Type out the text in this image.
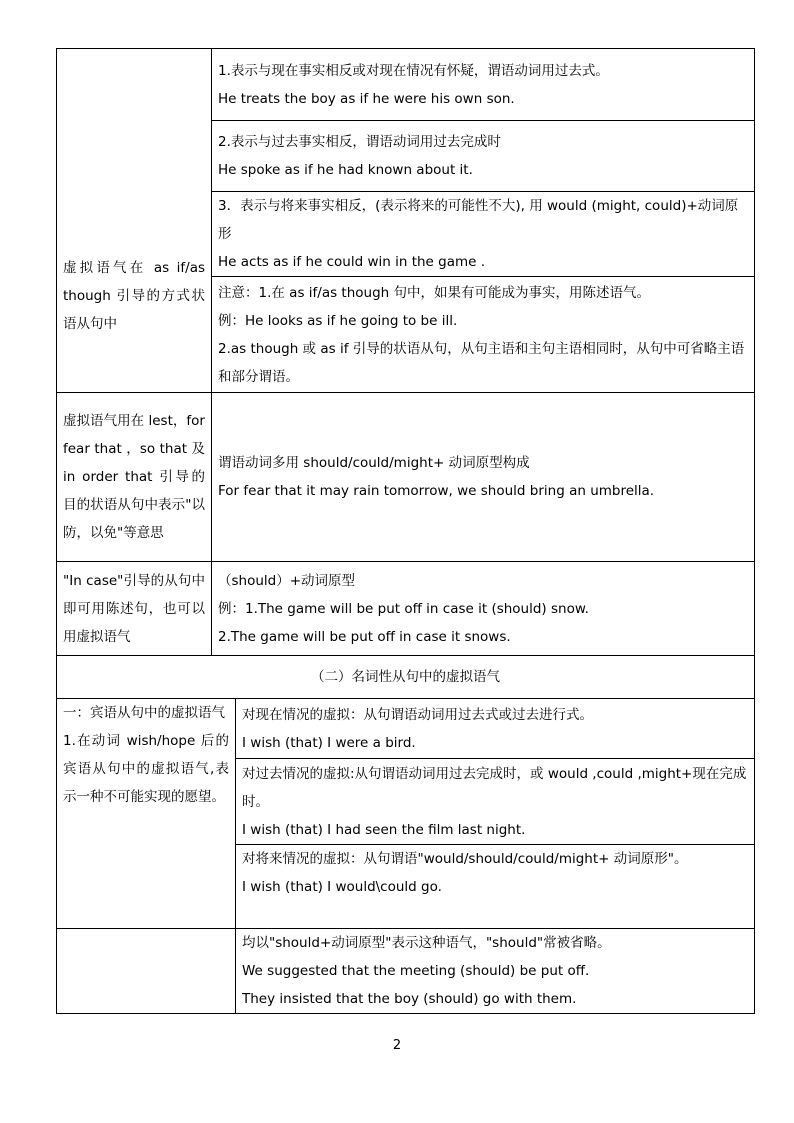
虚拟语气在 as if/as though 引导的方式状语从句中	1.表示与现在事实相反或对现在情况有怀疑，谓语动词用过去式。
He treats the boy as if he were his own son.

	2.表示与过去事实相反，谓语动词用过去完成时
He spoke as if he had known about it.

	3．表示与将来事实相反，(表示将来的可能性不大), 用 would (might, could)+动词原形
He acts as if he could win in the game .

	注意：1.在 as if/as though 句中，如果有可能成为事实，用陈述语气。
例：He looks as if he going to be ill.
2.as though 或 as if 引导的状语从句，从句主语和主句主语相同时，从句中可省略主语和部分谓语。

虚拟语气用在 lest，for fear that ，so that 及 in order that 引导的目的状语从句中表示"以防，以免"等意思	谓语动词多用 should/could/might+ 动词原型构成
For fear that it may rain tomorrow, we should bring an umbrella.

"In case"引导的从句中即可用陈述句，也可以用虚拟语气	（should）+动词原型
例：1.The game will be put off in case it (should) snow.
2.The game will be put off in case it snows.

（二）名词性从句中的虚拟语气	
一：宾语从句中的虚拟语气
1.在动词 wish/hope 后的宾语从句中的虚拟语气,表示一种不可能实现的愿望。	对现在情况的虚拟：从句谓语动词用过去式或过去进行式。
I wish (that) I were a bird.

	对过去情况的虚拟:从句谓语动词用过去完成时，或 would ,could ,might+现在完成时。
I wish (that) I had seen the film last night.

	对将来情况的虚拟：从句谓语"would/should/could/might+ 动词原形"。
I wish (that) I would\could go.

	均以"should+动词原型"表示这种语气，"should"常被省略。
We suggested that the meeting (should) be put off.
They insisted that the boy (should) go with them.
2
